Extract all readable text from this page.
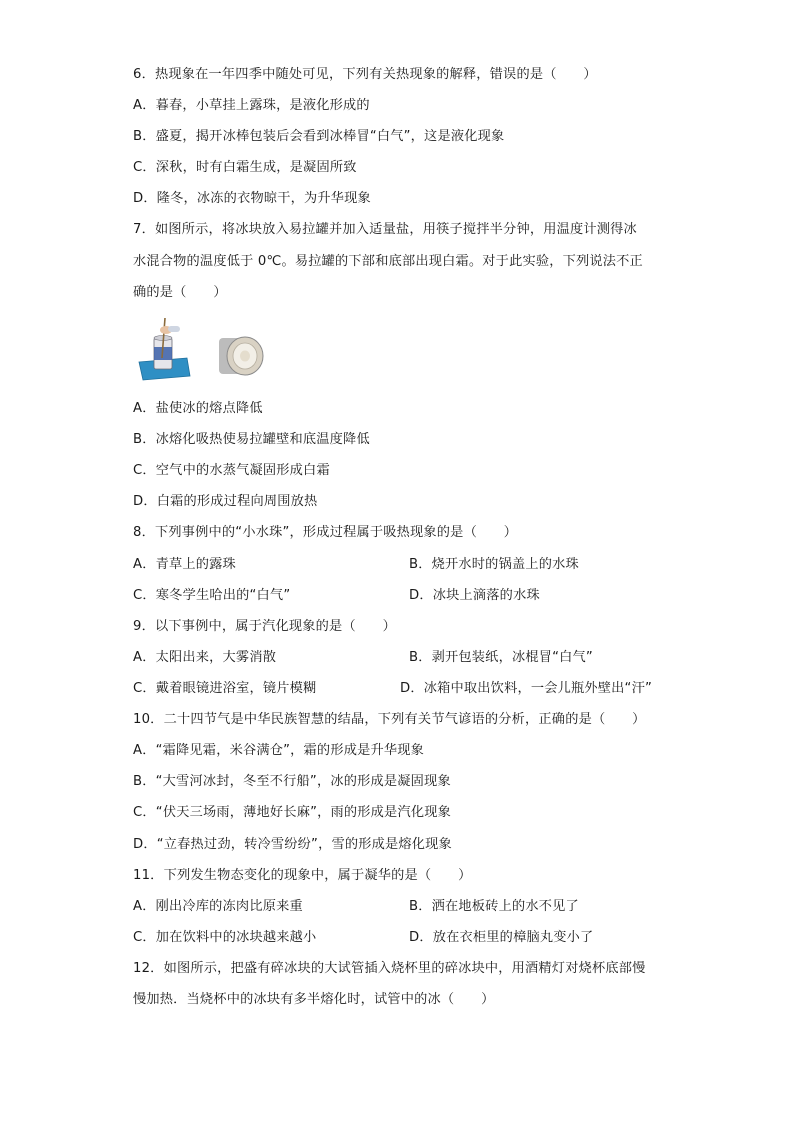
6．热现象在一年四季中随处可见，下列有关热现象的解释，错误的是（　　）
A．暮春，小草挂上露珠，是液化形成的
B．盛夏，揭开冰棒包装后会看到冰棒冒“白气”，这是液化现象
C．深秋，时有白霜生成，是凝固所致
D．隆冬，冰冻的衣物晾干，为升华现象
7．如图所示，将冰块放入易拉罐并加入适量盐，用筷子搅拌半分钟，用温度计测得冰
水混合物的温度低于 0℃。易拉罐的下部和底部出现白霜。对于此实验，下列说法不正
确的是（　　）
A．盐使冰的熔点降低
B．冰熔化吸热使易拉罐壁和底温度降低
C．空气中的水蒸气凝固形成白霜
D．白霜的形成过程向周围放热
8．下列事例中的“小水珠”，形成过程属于吸热现象的是（　　）
A．青草上的露珠	B．烧开水时的锅盖上的水珠
C．寒冬学生哈出的“白气”	D．冰块上滴落的水珠
9．以下事例中，属于汽化现象的是（　　）
A．太阳出来，大雾消散	B．剥开包装纸，冰棍冒“白气”
C．戴着眼镜进浴室，镜片模糊	D．冰箱中取出饮料，一会儿瓶外壁出“汗”
10．二十四节气是中华民族智慧的结晶，下列有关节气谚语的分析，正确的是（　　）
A．“霜降见霜，米谷满仓”，霜的形成是升华现象
B．“大雪河冰封，冬至不行船”，冰的形成是凝固现象
C．“伏天三场雨，薄地好长麻”，雨的形成是汽化现象
D．“立春热过劲，转冷雪纷纷”，雪的形成是熔化现象
11．下列发生物态变化的现象中，属于凝华的是（　　）
A．刚出冷库的冻肉比原来重	B．洒在地板砖上的水不见了
C．加在饮料中的冰块越来越小	D．放在衣柜里的樟脑丸变小了
12．如图所示，把盛有碎冰块的大试管插入烧杯里的碎冰块中，用酒精灯对烧杯底部慢
慢加热．当烧杯中的冰块有多半熔化时，试管中的冰（　　）
